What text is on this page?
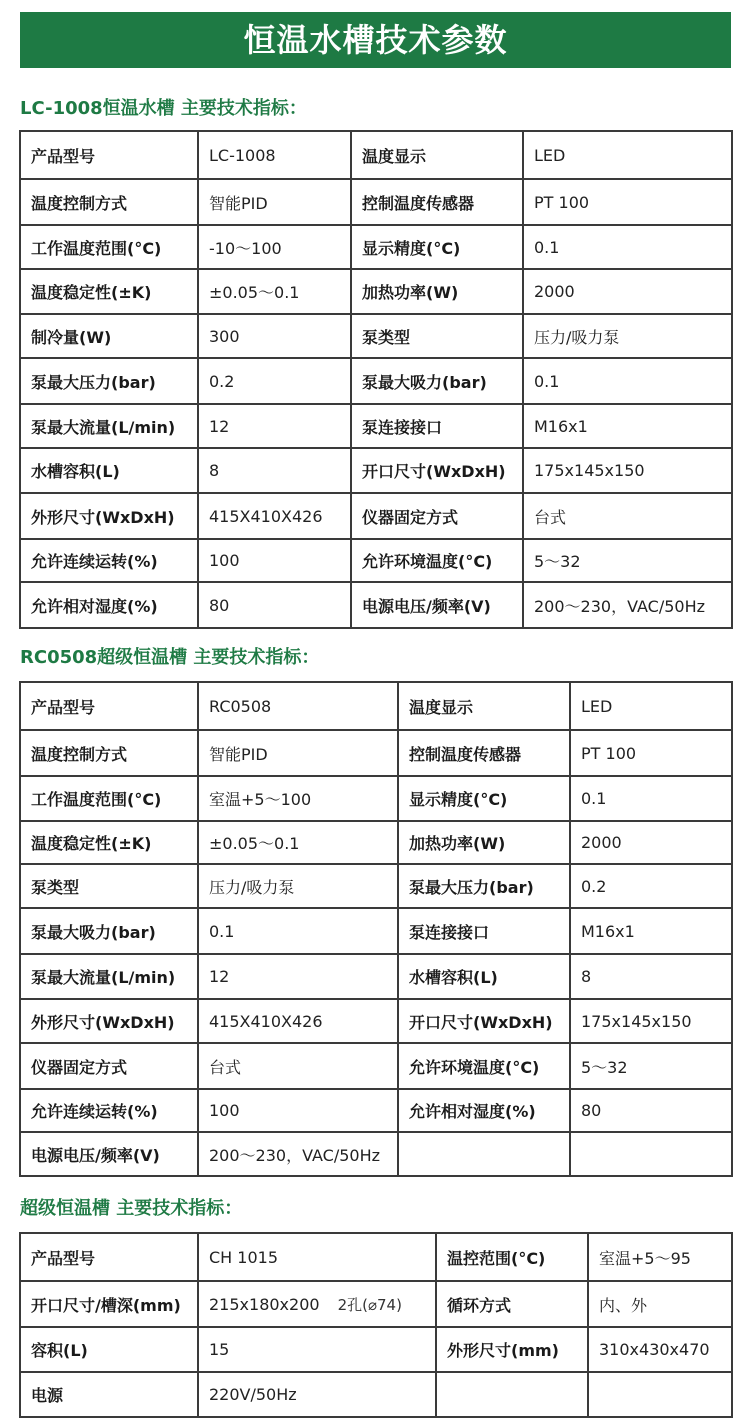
恒温水槽技术参数
LC-1008恒温水槽 主要技术指标：
产品型号	LC-1008	温度显示	LED
温度控制方式	智能PID	控制温度传感器	PT 100
工作温度范围(°C)	-10～100	显示精度(°C)	0.1
温度稳定性(±K)	±0.05～0.1	加热功率(W)	2000
制冷量(W)	300	泵类型	压力/吸力泵
泵最大压力(bar)	0.2	泵最大吸力(bar)	0.1
泵最大流量(L/min)	12	泵连接接口	M16x1
水槽容积(L)	8	开口尺寸(WxDxH)	175x145x150
外形尺寸(WxDxH)	415X410X426	仪器固定方式	台式
允许连续运转(%)	100	允许环境温度(°C)	5～32
允许相对湿度(%)	80	电源电压/频率(V)	200～230，VAC/50Hz
RC0508超级恒温槽 主要技术指标：
产品型号	RC0508	温度显示	LED
温度控制方式	智能PID	控制温度传感器	PT 100
工作温度范围(°C)	室温+5～100	显示精度(°C)	0.1
温度稳定性(±K)	±0.05～0.1	加热功率(W)	2000
泵类型	压力/吸力泵	泵最大压力(bar)	0.2
泵最大吸力(bar)	0.1	泵连接接口	M16x1
泵最大流量(L/min)	12	水槽容积(L)	8
外形尺寸(WxDxH)	415X410X426	开口尺寸(WxDxH)	175x145x150
仪器固定方式	台式	允许环境温度(°C)	5～32
允许连续运转(%)	100	允许相对湿度(%)	80
电源电压/频率(V)	200～230，VAC/50Hz		
超级恒温槽 主要技术指标：
产品型号	CH 1015	温控范围(°C)	室温+5～95
开口尺寸/槽深(mm)	215x180x200 2孔(⌀74)	循环方式	内、外
容积(L)	15	外形尺寸(mm)	310x430x470
电源	220V/50Hz		
